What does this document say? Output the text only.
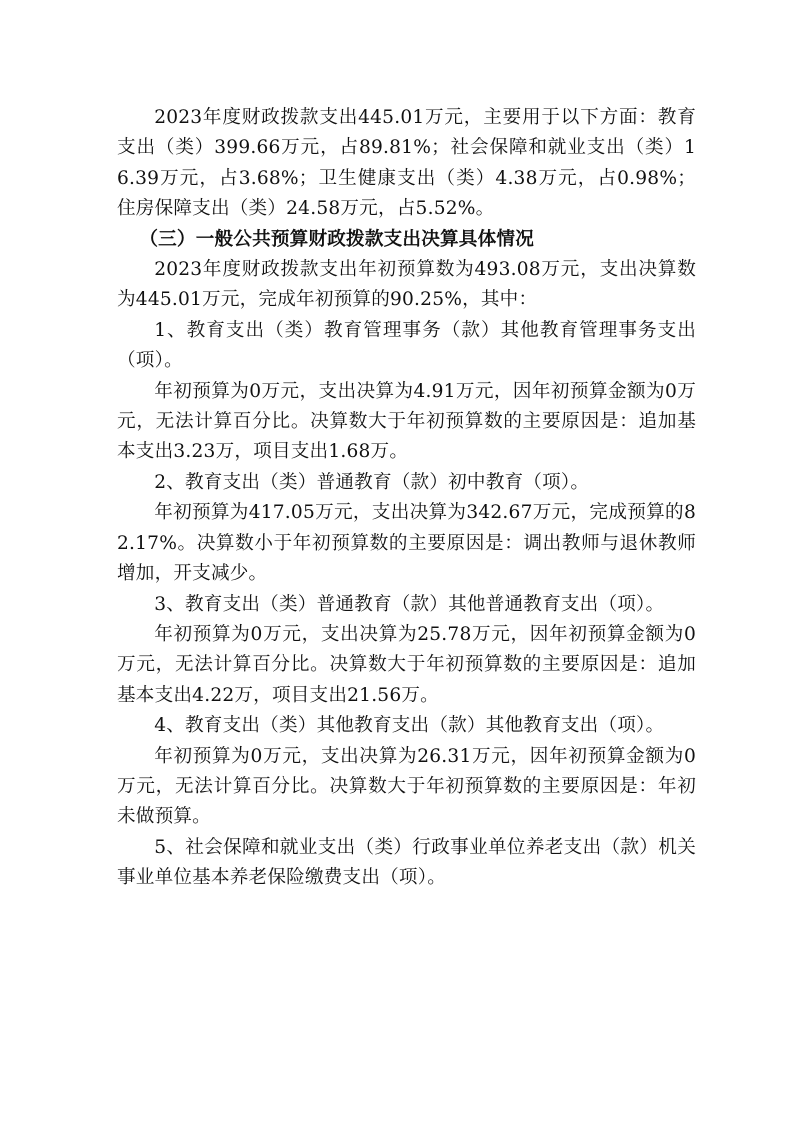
2023年度财政拨款支出445.01万元，主要用于以下方面：教育支出（类）399.66万元，占89.81%；社会保障和就业支出（类）16.39万元，占3.68%；卫生健康支出（类）4.38万元，占0.98%；住房保障支出（类）24.58万元，占5.52%。

（三）一般公共预算财政拨款支出决算具体情况

2023年度财政拨款支出年初预算数为493.08万元，支出决算数为445.01万元，完成年初预算的90.25%，其中：

1、教育支出（类）教育管理事务（款）其他教育管理事务支出（项）。

年初预算为0万元，支出决算为4.91万元，因年初预算金额为0万元，无法计算百分比。决算数大于年初预算数的主要原因是：追加基本支出3.23万，项目支出1.68万。

2、教育支出（类）普通教育（款）初中教育（项）。

年初预算为417.05万元，支出决算为342.67万元，完成预算的82.17%。决算数小于年初预算数的主要原因是：调出教师与退休教师增加，开支减少。

3、教育支出（类）普通教育（款）其他普通教育支出（项）。

年初预算为0万元，支出决算为25.78万元，因年初预算金额为0万元，无法计算百分比。决算数大于年初预算数的主要原因是：追加基本支出4.22万，项目支出21.56万。

4、教育支出（类）其他教育支出（款）其他教育支出（项）。

年初预算为0万元，支出决算为26.31万元，因年初预算金额为0万元，无法计算百分比。决算数大于年初预算数的主要原因是：年初未做预算。

5、社会保障和就业支出（类）行政事业单位养老支出（款）机关事业单位基本养老保险缴费支出（项）。
